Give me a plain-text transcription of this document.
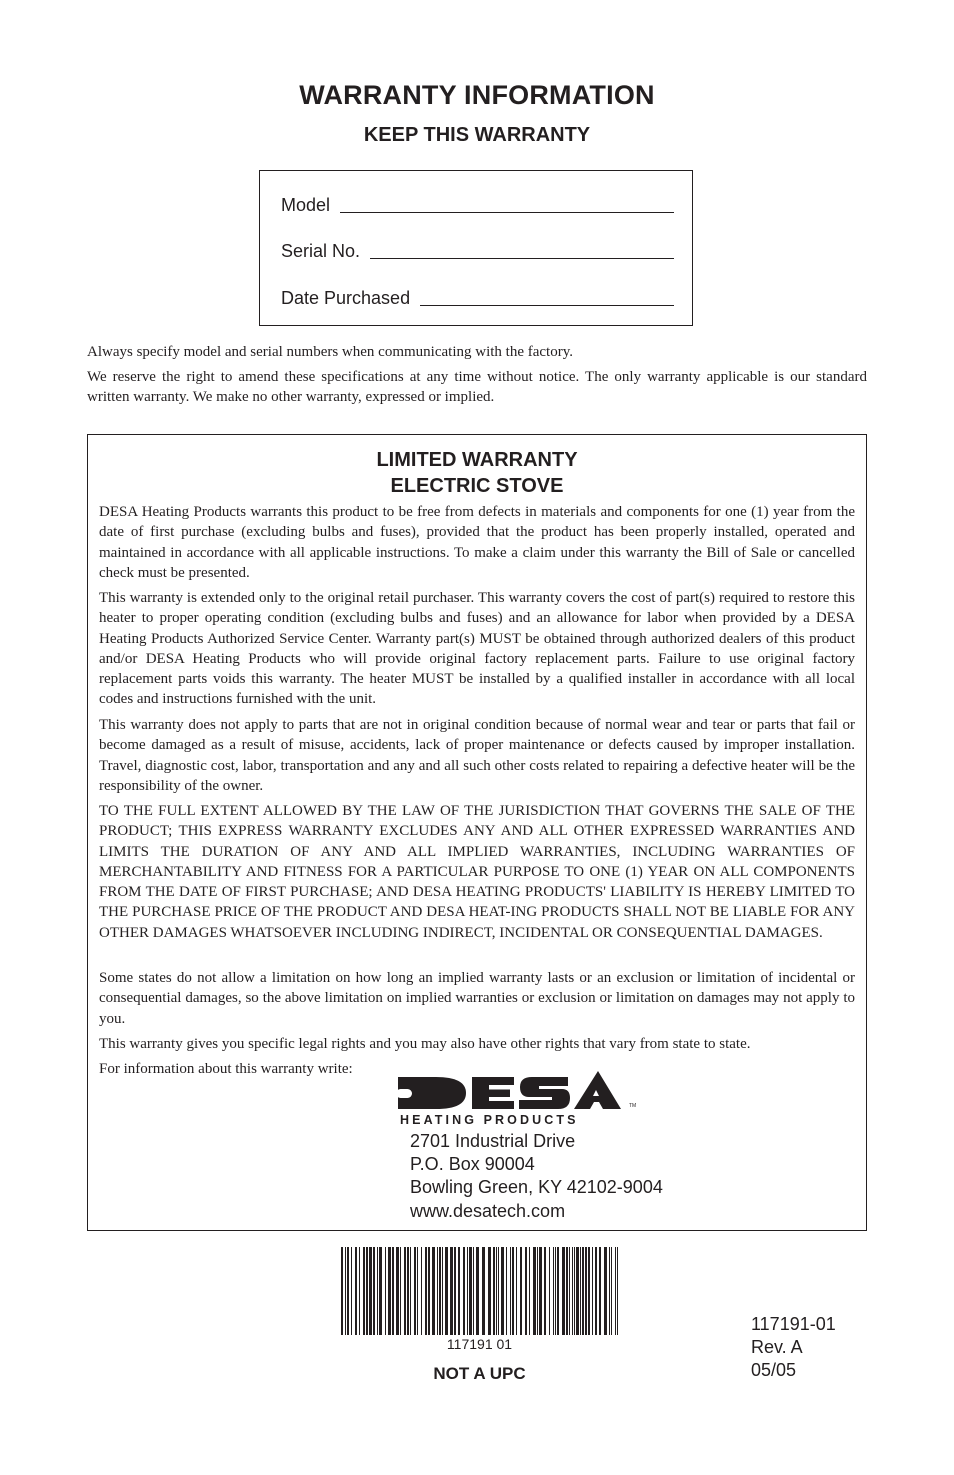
WARRANTY INFORMATION
KEEP THIS WARRANTY
Model
Serial No.
Date Purchased
Always specify model and serial numbers when communicating with the factory.
We reserve the right to amend these specifications at any time without notice. The only warranty applicable is our standard written warranty. We make no other warranty, expressed or implied.
LIMITED WARRANTY
ELECTRIC STOVE
DESA Heating Products warrants this product to be free from defects in materials and components for one (1) year from the date of first purchase (excluding bulbs and fuses), provided that the product has been properly installed, operated and maintained in accordance with all applicable instructions. To make a claim under this warranty the Bill of Sale or cancelled check must be presented.
This warranty is extended only to the original retail purchaser. This warranty covers the cost of part(s) required to restore this heater to proper operating condition (excluding bulbs and fuses) and an allowance for labor when provided by a DESA Heating Products Authorized Service Center. Warranty part(s) MUST be obtained through authorized dealers of this product and/or DESA Heating Products who will provide original factory replacement parts. Failure to use original factory replacement parts voids this warranty. The heater MUST be installed by a qualified installer in accordance with all local codes and instructions furnished with the unit.
This warranty does not apply to parts that are not in original condition because of normal wear and tear or parts that fail or become damaged as a result of misuse, accidents, lack of proper maintenance or defects caused by improper installation. Travel, diagnostic cost, labor, transportation and any and all such other costs related to repairing a defective heater will be the responsibility of the owner.
TO THE FULL EXTENT ALLOWED BY THE LAW OF THE JURISDICTION THAT GOVERNS THE SALE OF THE PRODUCT; THIS EXPRESS WARRANTY EXCLUDES ANY AND ALL OTHER EXPRESSED WARRANTIES AND LIMITS THE DURATION OF ANY AND ALL IMPLIED WARRANTIES, INCLUDING WARRANTIES OF MERCHANTABILITY AND FITNESS FOR A PARTICULAR PURPOSE TO ONE (1) YEAR ON ALL COMPONENTS FROM THE DATE OF FIRST PURCHASE; AND DESA HEATING PRODUCTS' LIABILITY IS HEREBY LIMITED TO THE PURCHASE PRICE OF THE PRODUCT AND DESA HEAT-ING PRODUCTS SHALL NOT BE LIABLE FOR ANY OTHER DAMAGES WHATSOEVER INCLUDING INDIRECT, INCIDENTAL OR CONSEQUENTIAL DAMAGES.
Some states do not allow a limitation on how long an implied warranty lasts or an exclusion or limitation of incidental or consequential damages, so the above limitation on implied warranties or exclusion or limitation on damages may not apply to you.
This warranty gives you specific legal rights and you may also have other rights that vary from state to state.
For information about this warranty write:
TM
HEATING PRODUCTS
2701 Industrial Drive
P.O. Box 90004
Bowling Green, KY 42102-9004
www.desatech.com
117191 01
NOT A UPC
117191-01
Rev. A
05/05
